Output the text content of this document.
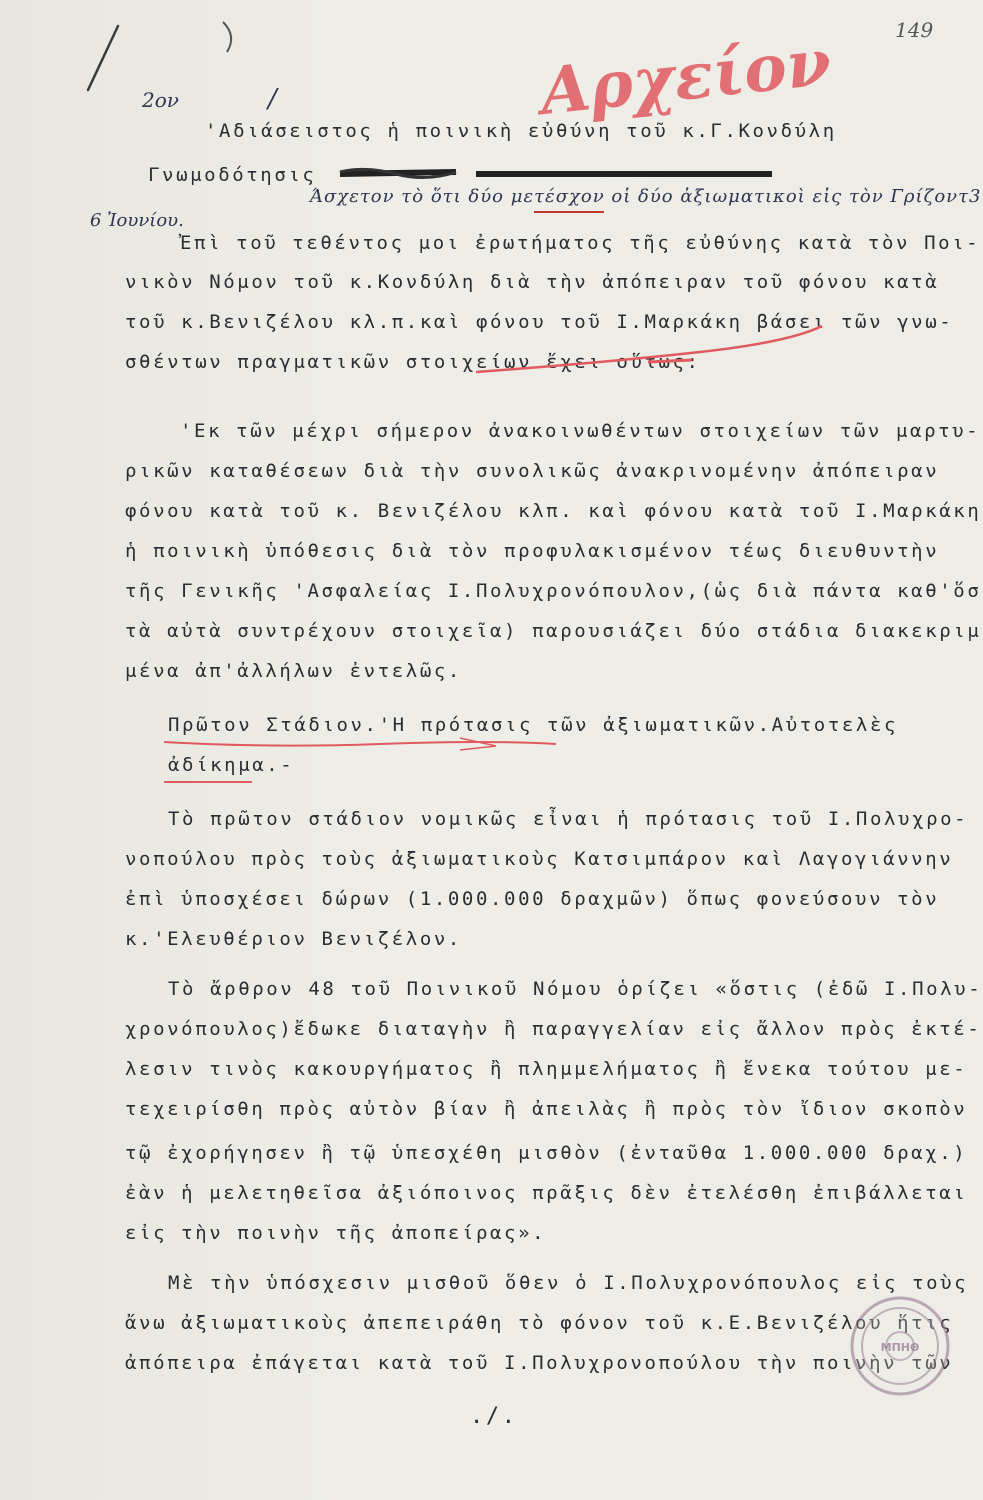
149
Αρχείον
2ον	/
'Αδιάσειστος ἡ ποινικὴ εὐθύνη τοῦ κ.Γ.Κονδύλη
Γνωμοδότησις
Άσχετον τὸ ὅτι δύο μετέσχον οἱ δύο ἀξιωματικοὶ εἰς τὸν Γρίζοντ3
6 Ἰουνίου.
Ἐπὶ τοῦ τεθέντος μοι ἐρωτήματος τῆς εὐθύνης κατὰ τὸν Ποι-
νικὸν Νόμον τοῦ κ.Κονδύλη διὰ τὴν ἀπόπειραν τοῦ φόνου κατὰ
τοῦ κ.Βενιζέλου κλ.π.καὶ φόνου τοῦ Ι.Μαρκάκη βάσει τῶν γνω-
σθέντων πραγματικῶν στοιχείων ἔχει οὕτως:
'Εκ τῶν μέχρι σήμερον ἀνακοινωθέντων στοιχείων τῶν μαρτυ-
ρικῶν καταθέσεων διὰ τὴν συνολικῶς ἀνακρινομένην ἀπόπειραν
φόνου κατὰ τοῦ κ. Βενιζέλου κλπ. καὶ φόνου κατὰ τοῦ Ι.Μαρκάκη
ἡ ποινικὴ ὑπόθεσις διὰ τὸν προφυλακισμένον τέως διευθυντὴν
τῆς Γενικῆς 'Ασφαλείας Ι.Πολυχρονόπουλον,(ὡς διὰ πάντα καθ'ὅσ
τὰ αὐτὰ συντρέχουν στοιχεῖα) παρουσιάζει δύο στάδια διακεκριμ
μένα ἀπ'ἀλλήλων ἐντελῶς.
Πρῶτον Στάδιον.'Η πρότασις τῶν ἀξιωματικῶν.Αὐτοτελὲς
ἀδίκημα.-
Τὸ πρῶτον στάδιον νομικῶς εἶναι ἡ πρότασις τοῦ Ι.Πολυχρο-
νοπούλου πρὸς τοὺς ἀξιωματικοὺς Κατσιμπάρον καὶ Λαγογιάννην
ἐπὶ ὑποσχέσει δώρων (1.000.000 δραχμῶν) ὅπως φονεύσουν τὸν
κ.'Ελευθέριον Βενιζέλον.
Τὸ ἄρθρον 48 τοῦ Ποινικοῦ Νόμου ὁρίζει «ὅστις (ἐδῶ Ι.Πολυ-
χρονόπουλος)ἔδωκε διαταγὴν ἢ παραγγελίαν εἰς ἄλλον πρὸς ἐκτέ-
λεσιν τινὸς κακουργήματος ἢ πλημμελήματος ἢ ἕνεκα τούτου με-
τεχειρίσθη πρὸς αὐτὸν βίαν ἢ ἀπειλὰς ἢ πρὸς τὸν ἴδιον σκοπὸν
τῷ ἐχορήγησεν ἢ τῷ ὑπεσχέθη μισθὸν (ἐνταῦθα 1.000.000 δραχ.)
ἐὰν ἡ μελετηθεῖσα ἀξιόποινος πρᾶξις δὲν ἐτελέσθη ἐπιβάλλεται
εἰς τὴν ποινὴν τῆς ἀποπείρας».
Μὲ τὴν ὑπόσχεσιν μισθοῦ ὅθεν ὁ Ι.Πολυχρονόπουλος εἰς τοὺς
ἄνω ἀξιωματικοὺς ἀπεπειράθη τὸ φόνον τοῦ κ.Ε.Βενιζέλου ἥτις
ἀπόπειρα ἐπάγεται κατὰ τοῦ Ι.Πολυχρονοπούλου τὴν ποινὴν τῶν
./.
ΜΠΗΘ
